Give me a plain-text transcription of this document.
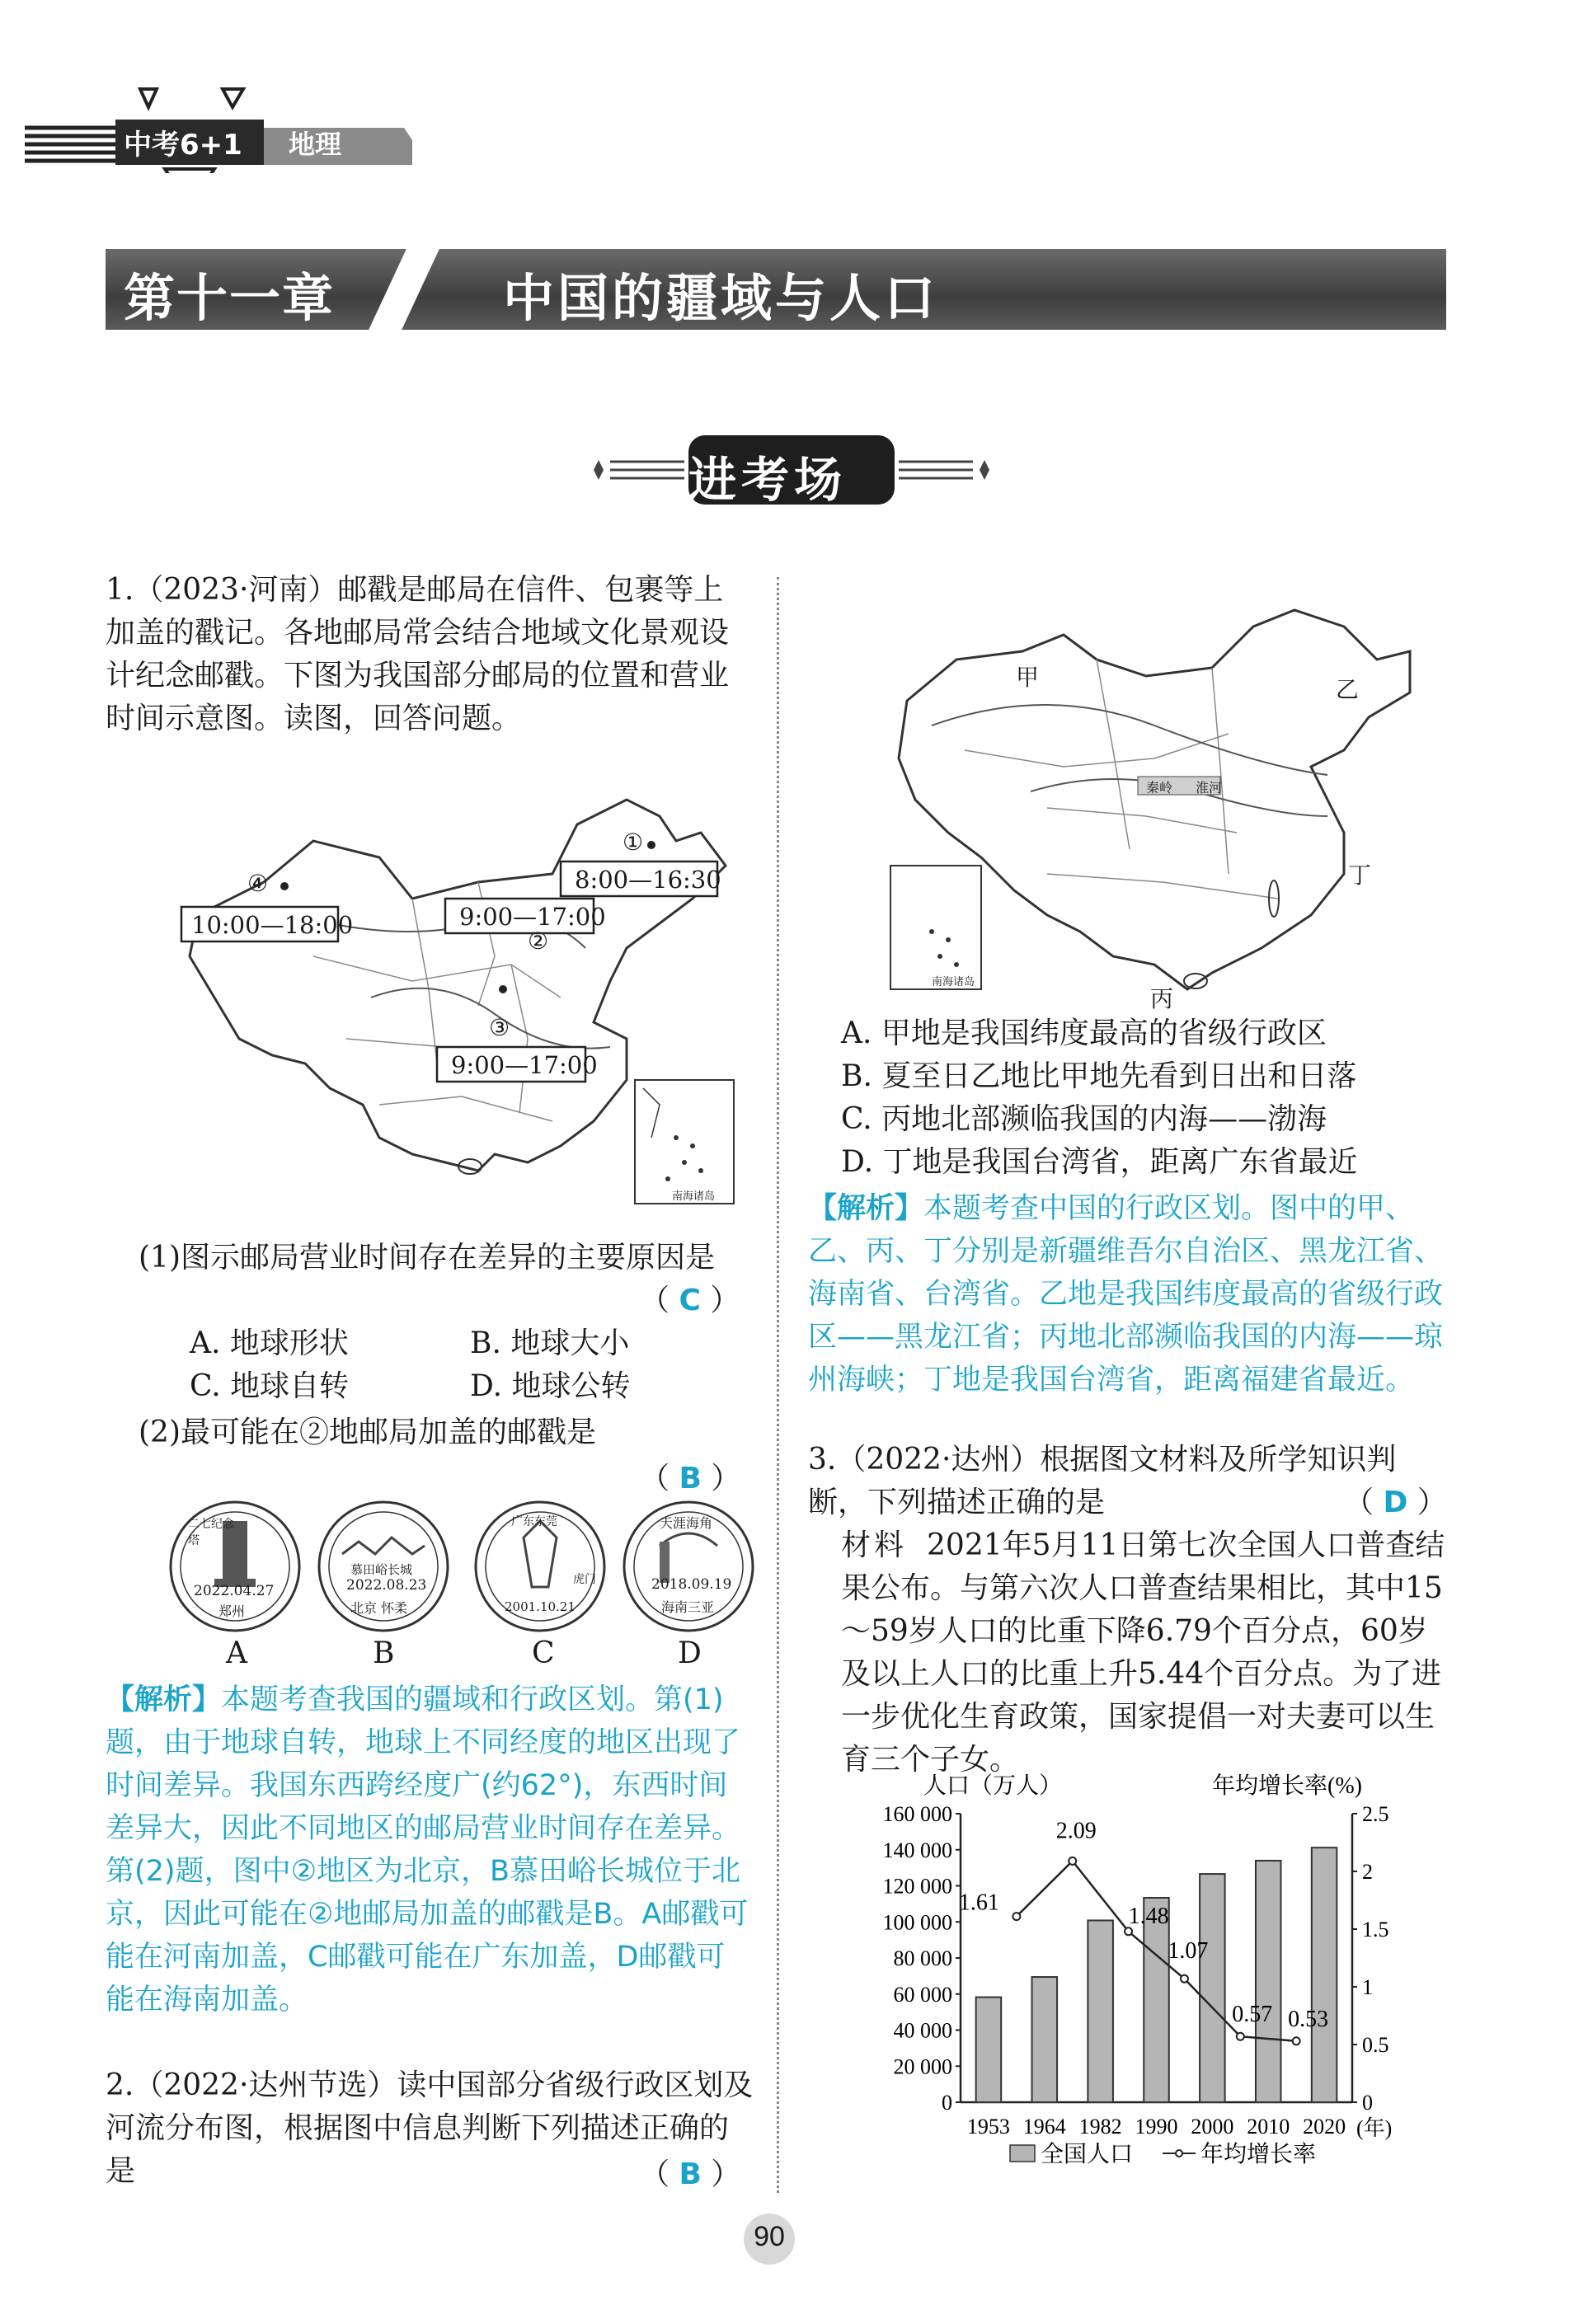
中考6+1 地理
第十一章	中国的疆域与人口
进考场
1.（2023·河南）邮戳是邮局在信件、包裹等上加盖的戳记。各地邮局常会结合地域文化景观设计纪念邮戳。下图为我国部分邮局的位置和营业时间示意图。读图，回答问题。
①
8:00—16:30
②
9:00—17:00
③
9:00—17:00
④
10:00—18:00
南海诸岛
(1)图示邮局营业时间存在差异的主要原因是
（ C ）
A. 地球形状	B. 地球大小
C. 地球自转	D. 地球公转
(2)最可能在②地邮局加盖的邮戳是
（ B ）
二七纪念塔
2022.04.27
郑州
慕田峪长城
2022.08.23
北京 怀柔
广东东莞
2001.10.21
虎门
天涯海角
2018.09.19
海南三亚
A	B	C	D
【解析】本题考查我国的疆域和行政区划。第(1)题，由于地球自转，地球上不同经度的地区出现了时间差异。我国东西跨经度广(约62°)，东西时间差异大，因此不同地区的邮局营业时间存在差异。第(2)题，图中②地区为北京，B慕田峪长城位于北京，因此可能在②地邮局加盖的邮戳是B。A邮戳可能在河南加盖，C邮戳可能在广东加盖，D邮戳可能在海南加盖。
2.（2022·达州节选）读中国部分省级行政区划及河流分布图，根据图中信息判断下列描述正确的是	（ B ）
甲	乙
丙
丁
秦岭 淮河
南海诸岛
A. 甲地是我国纬度最高的省级行政区
B. 夏至日乙地比甲地先看到日出和日落
C. 丙地北部濒临我国的内海——渤海
D. 丁地是我国台湾省，距离广东省最近
【解析】本题考查中国的行政区划。图中的甲、乙、丙、丁分别是新疆维吾尔自治区、黑龙江省、海南省、台湾省。乙地是我国纬度最高的省级行政区——黑龙江省；丙地北部濒临我国的内海——琼州海峡；丁地是我国台湾省，距离福建省最近。
3.（2022·达州）根据图文材料及所学知识判断，下列描述正确的是	（ D ）
材料 2021年5月11日第七次全国人口普查结果公布。与第六次人口普查结果相比，其中15～59岁人口的比重下降6.79个百分点，60岁及以上人口的比重上升5.44个百分点。为了进一步优化生育政策，国家提倡一对夫妻可以生育三个子女。
人口（万人）	年均增长率(%)
0
20 000
40 000
60 000
80 000
100 000
120 000
140 000
160 000
0
0.5
1
1.5
2
2.5
1.61
2.09
1.48
1.07
0.57 0.53
1953 1964 1982 1990 2000 2010 2020 (年)
全国人口	年均增长率
90
